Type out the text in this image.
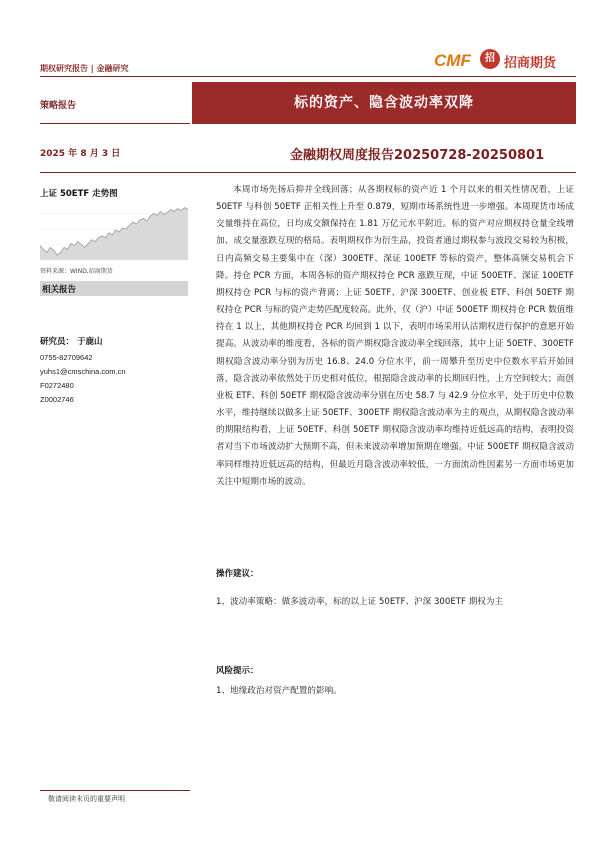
期权研究报告 | 金融研究	CMF	招 招商期货
策略报告	标的资产、隐含波动率双降
2025 年 8 月 3 日	金融期权周度报告20250728-20250801
上证 50ETF 走势图
资料来源：WIND,招商期货
相关报告
研究员： 于鹿山
0755-82709642
yuhs1@cmschina.com.cn
F0272480
Z0002746
本周市场先扬后抑并全线回落；从各期权标的资产近 1 个月以来的相关性情况看，上证 50ETF 与科创 50ETF 正相关性上升至 0.879，短期市场系统性进一步增强。本周现货市场成交量维持在高位，日均成交额保持在 1.81 万亿元水平附近。标的资产对应期权持仓量全线增加、成交量涨跌互现的格局。表明期权作为衍生品，投资者通过期权参与波段交易较为积极，日内高频交易主要集中在（深）300ETF、深证 100ETF 等标的资产，整体高频交易机会下降。持仓 PCR 方面，本周各标的资产期权持仓 PCR 涨跌互现，中证 500ETF、深证 100ETF 期权持仓 PCR 与标的资产背离；上证 50ETF、沪深 300ETF、创业板 ETF、科创 50ETF 期权持仓 PCR 与标的资产走势匹配度较高。此外，仅（沪）中证 500ETF 期权持仓 PCR 数值维持在 1 以上，其他期权持仓 PCR 均回到 1 以下，表明市场采用认沽期权进行保护的意愿开始提高。从波动率的维度看，各标的资产期权隐含波动率全线回落，其中上证 50ETF、300ETF 期权隐含波动率分别为历史 16.8、24.0 分位水平，前一周攀升至历史中位数水平后开始回落，隐含波动率依然处于历史相对低位，根据隐含波动率的长期回归性，上方空间较大；而创业板 ETF、科创 50ETF 期权隐含波动率分别在历史 58.7 与 42.9 分位水平，处于历史中位数水平，维持继续以做多上证 50ETF、300ETF 期权隐含波动率为主的观点，从期权隐含波动率的期限结构看，上证 50ETF、科创 50ETF 期权隐含波动率均维持近低远高的结构，表明投资者对当下市场波动扩大预期不高，但未来波动率增加预期在增强。中证 500ETF 期权隐含波动率同样维持近低远高的结构，但最近月隐含波动率较低，一方面流动性因素另一方面市场更加关注中短期市场的波动。
操作建议：
1、波动率策略：做多波动率，标的以上证 50ETF、沪深 300ETF 期权为主
风险提示：
1、地缘政治对资产配置的影响。
敬请阅读末页的重要声明
